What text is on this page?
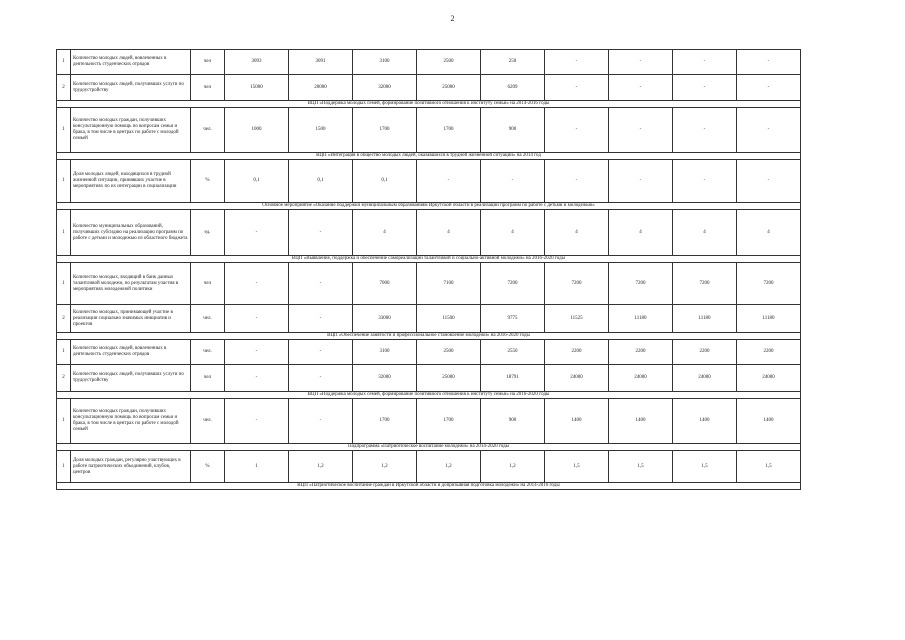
2
1	Количество молодых людей, вовлеченных в деятельность студенческих отрядов	чел	3093	3091	3100	2500	250	-	-	-	-
2	Количество молодых людей, получивших услуги по трудоустройству	чел	15000	20000	32000	25000	6209	-	-	-	-
ВЦП «Поддержка молодых семей, формирование позитивного отношения к институту семьи» на 2014-2016 годы											
1	Количество молодых граждан, получивших консультационную помощь по вопросам семьи и брака, в том числе в центрах по работе с молодой семьей	чел.	1000	1500	1700	1700	900	-	-	-	-
ВЦП «Интеграция в общество молодых людей, оказавшихся в трудной жизненной ситуации» на 2014 год											
1	Доля молодых людей, находящихся в трудной жизненной ситуации, принявших участие в мероприятиях по их интеграции в социализации	%	0,1	0,1	0,1	-	-	-	-	-	-
Основное мероприятие «Оказание поддержки муниципальным образованиям Иркутской области в реализации программ по работе с детьми и молодежью»											
1	Количество муниципальных образований, получивших субсидию на реализацию программ по работе с детьми и молодежью из областного бюджета	ед.	-	-	4	4	4	4	4	4	4
ВЦП «Выявление, поддержка и обеспечение самореализации талантливой и социально-активной молодежи» на 2016-2020 годы											
1	Количество молодых, входящий в банк данных талантливой молодежи, по результатам участия в мероприятиях молодежной политики	чел	-	-	7000	7100	7200	7200	7200	7200	7200
2	Количество молодых, принимающей участие в реализации социально значимых инициатив и проектов	чел.	-	-	33000	11500	9775	11525	11180	11180	11180
ВЦП «Обеспечение занятости и профессиональное становление молодежи» на 2016-2020 годы											
1	Количество молодых людей, вовлеченных в деятельность студенческих отрядов	чел.	-	-	3100	2500	2550	2200	2200	2200	2200
2	Количество молодых людей, получивших услуги по трудоустройству	чел	-	-	32000	25000	18791	24000	24000	24000	24000
ВЦП «Поддержка молодых семей, формирование позитивного отношения к институту семьи» на 2016-2020 годы											
1	Количество молодых граждан, получивших консультационную помощь по вопросам семьи и брака, в том числе в центрах по работе с молодой семьей	чел.	-	-	1700	1700	900	1400	1400	1400	1400
Подпрограмма «Патриотическое воспитание молодежи» на 2014-2020 годы											
1	Доля молодых граждан, регулярно участвующих в работе патриотических объединений, клубов, центров	%	1	1,2	1,2	1,2	1,2	1,5	1,5	1,5	1,5
ВЦП «Патриотическое воспитание граждан в Иркутской области и допризывная подготовка молодежи» на 2014-2016 годы											
